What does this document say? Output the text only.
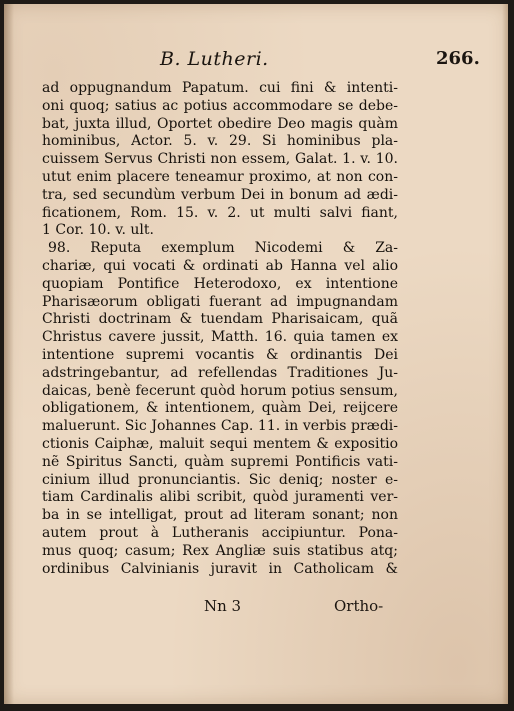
B. Lutheri.	266.
ad oppugnandum Papatum. cui fini & intenti-
oni quoq; satius ac potius accommodare se debe-
bat, juxta illud, Oportet obedire Deo magis quàm
hominibus, Actor. 5. v. 29. Si hominibus pla-
cuissem Servus Christi non essem, Galat. 1. v. 10.
utut enim placere teneamur proximo, at non con-
tra, sed secundùm verbum Dei in bonum ad ædi-
ficationem, Rom. 15. v. 2. ut multi salvi fiant,
1 Cor. 10. v. ult.
98. Reputa exemplum Nicodemi & Za-
chariæ, qui vocati & ordinati ab Hanna vel alio
quopiam Pontifice Heterodoxo, ex intentione
Pharisæorum obligati fuerant ad impugnandam
Christi doctrinam & tuendam Pharisaicam, quã
Christus cavere jussit, Matth. 16. quia tamen ex
intentione supremi vocantis & ordinantis Dei
adstringebantur, ad refellendas Traditiones Ju-
daicas, benè fecerunt quòd horum potius sensum,
obligationem, & intentionem, quàm Dei, reijcere
maluerunt. Sic Johannes Cap. 11. in verbis prædi-
ctionis Caiphæ, maluit sequi mentem & expositio
nẽ Spiritus Sancti, quàm supremi Pontificis vati-
cinium illud pronunciantis. Sic deniq; noster e-
tiam Cardinalis alibi scribit, quòd juramenti ver-
ba in se intelligat, prout ad literam sonant; non
autem prout à Lutheranis accipiuntur. Pona-
mus quoq; casum; Rex Angliæ suis statibus atq;
ordinibus Calvinianis juravit in Catholicam &
Nn 3	Ortho-
